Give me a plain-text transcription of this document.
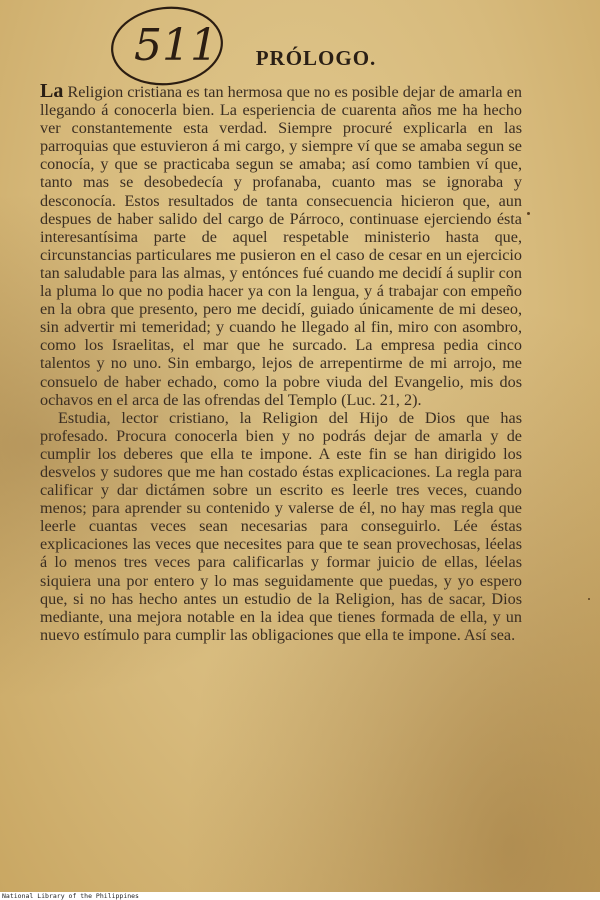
511	PRÓLOGO.

La Religion cristiana es tan hermosa que no es posible dejar de amarla en llegando á conocerla bien. La esperiencia de cuarenta años me ha hecho ver constantemente esta verdad. Siempre procuré explicarla en las parroquias que estuvieron á mi cargo, y siempre ví que se amaba segun se conocía, y que se practicaba segun se amaba; así como tambien ví que, tanto mas se desobedecía y profanaba, cuanto mas se ignoraba y desconocía. Estos resultados de tanta consecuencia hicieron que, aun despues de haber salido del cargo de Párroco, continuase ejerciendo ésta interesantísima parte de aquel respetable ministerio hasta que, circunstancias particulares me pusieron en el caso de cesar en un ejercicio tan saludable para las almas, y entónces fué cuando me decidí á suplir con la pluma lo que no podia hacer ya con la lengua, y á trabajar con empeño en la obra que presento, pero me decidí, guiado únicamente de mi deseo, sin advertir mi temeridad; y cuando he llegado al fin, miro con asombro, como los Israelitas, el mar que he surcado. La empresa pedia cinco talentos y no uno. Sin embargo, lejos de arrepentirme de mi arrojo, me consuelo de haber echado, como la pobre viuda del Evangelio, mis dos ochavos en el arca de las ofrendas del Templo (Luc. 21, 2).

Estudia, lector cristiano, la Religion del Hijo de Dios que has profesado. Procura conocerla bien y no podrás dejar de amarla y de cumplir los deberes que ella te impone. A este fin se han dirigido los desvelos y sudores que me han costado éstas explicaciones. La regla para calificar y dar dictámen sobre un escrito es leerle tres veces, cuando menos; para aprender su contenido y valerse de él, no hay mas regla que leerle cuantas veces sean necesarias para conseguirlo. Lée éstas explicaciones las veces que necesites para que te sean provechosas, léelas á lo menos tres veces para calificarlas y formar juicio de ellas, léelas siquiera una por entero y lo mas seguidamente que puedas, y yo espero que, si no has hecho antes un estudio de la Religion, has de sacar, Dios mediante, una mejora notable en la idea que tienes formada de ella, y un nuevo estímulo para cumplir las obligaciones que ella te impone. Así sea.

National Library of the Philippines
